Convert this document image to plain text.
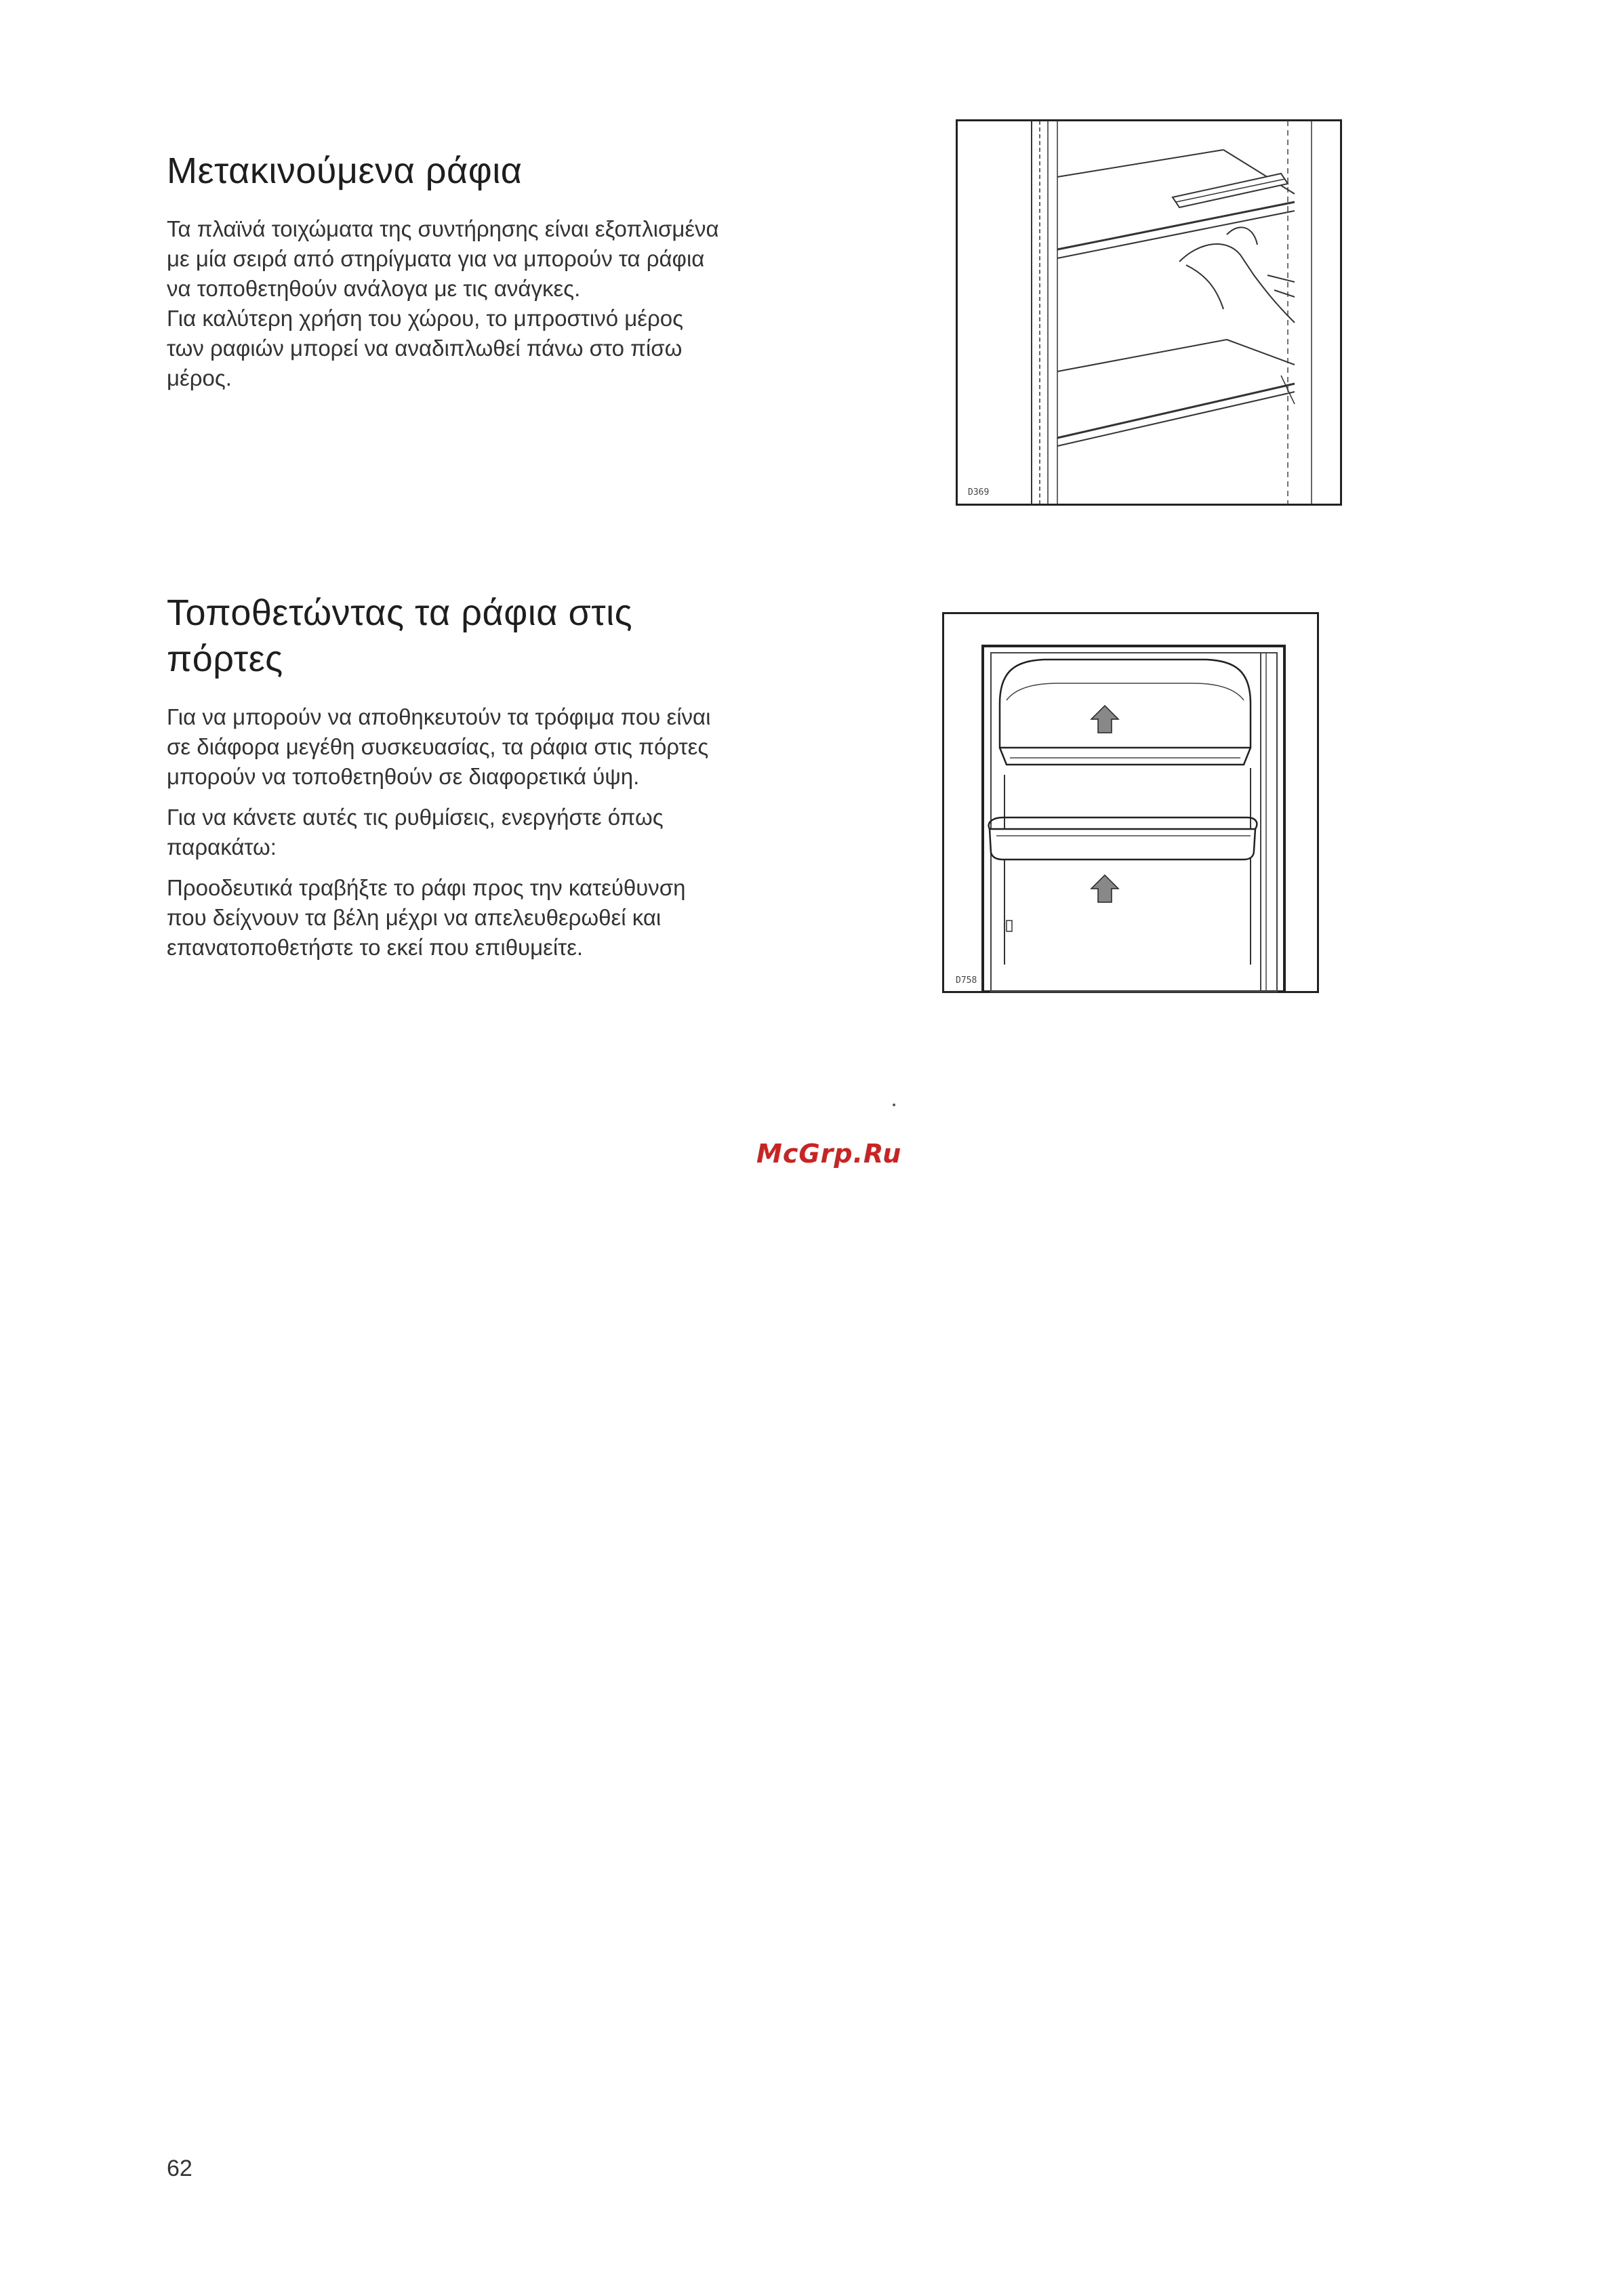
Μετακινούμενα ράφια

Τα πλαϊνά τοιχώματα της συντήρησης είναι εξοπλισμένα
με μία σειρά από στηρίγματα για να μπορούν τα ράφια
να τοποθετηθούν ανάλογα με τις ανάγκες.
Για καλύτερη χρήση του χώρου, το μπροστινό μέρος
των ραφιών μπορεί να αναδιπλωθεί πάνω στο πίσω
μέρος.

D369
Τοποθετώντας τα ράφια στις
πόρτες

Για να μπορούν να αποθηκευτούν τα τρόφιμα που είναι
σε διάφορα μεγέθη συσκευασίας, τα ράφια στις πόρτες
μπορούν να τοποθετηθούν σε διαφορετικά ύψη.

Για να κάνετε αυτές τις ρυθμίσεις, ενεργήστε όπως
παρακάτω:

Προοδευτικά τραβήξτε το ράφι προς την κατεύθυνση
που δείχνουν τα βέλη μέχρι να απελευθερωθεί και
επανατοποθετήστε το εκεί που επιθυμείτε.

D758
McGrp.Ru
62
